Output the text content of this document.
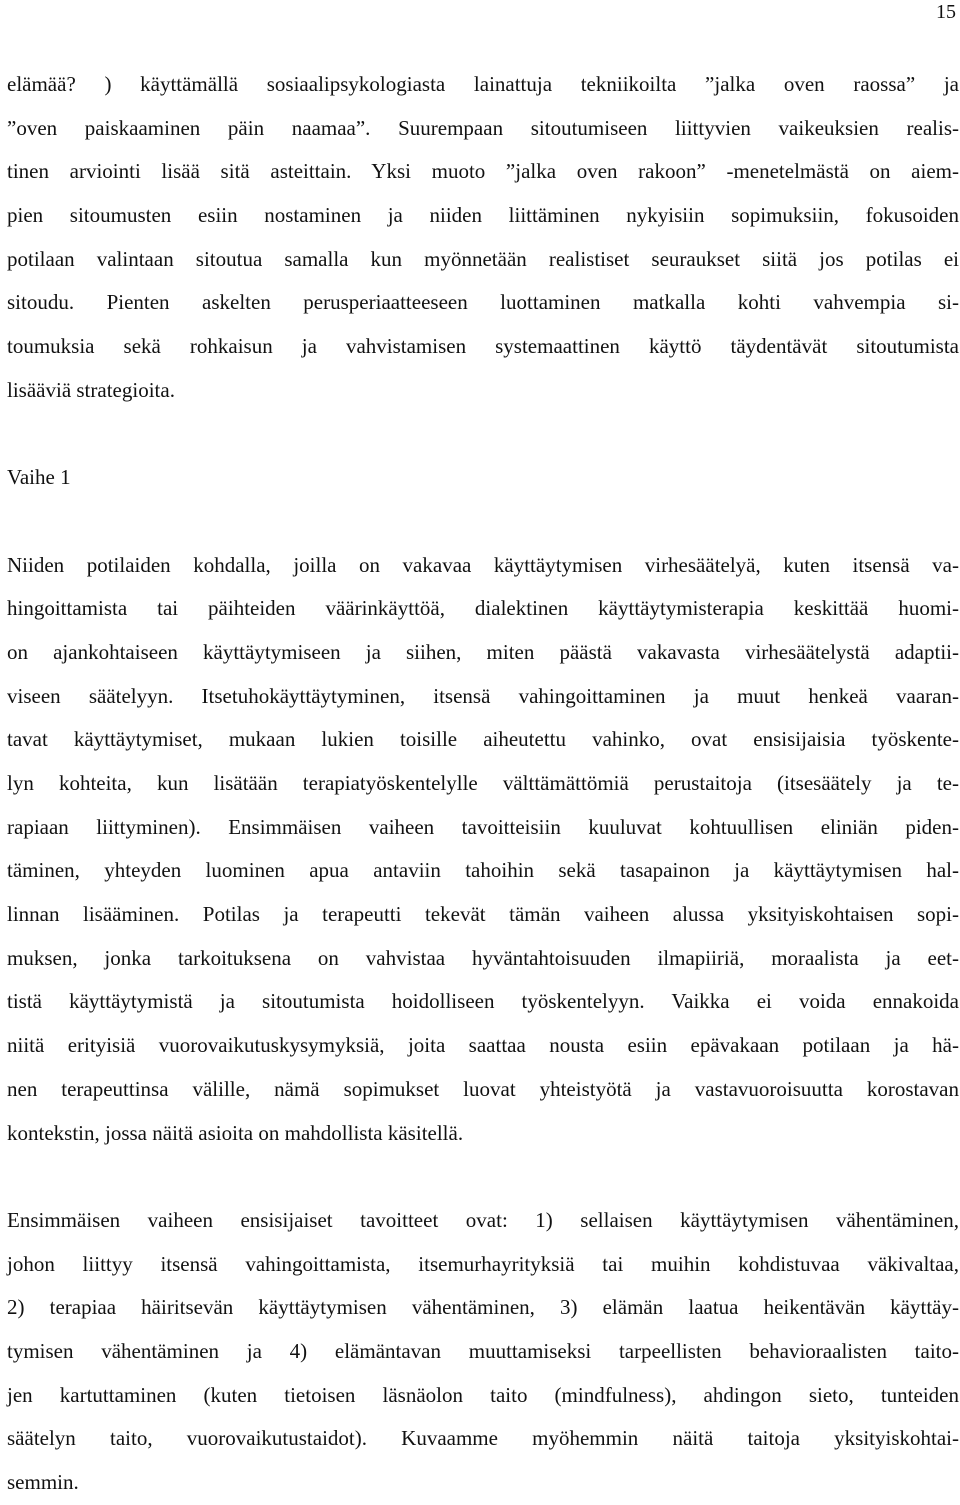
15
elämää? ) käyttämällä sosiaalipsykologiasta lainattuja tekniikoilta ”jalka oven raossa” ja
”oven paiskaaminen päin naamaa”. Suurempaan sitoutumiseen liittyvien vaikeuksien realis-
tinen arviointi lisää sitä asteittain. Yksi muoto ”jalka oven rakoon” -menetelmästä on aiem-
pien sitoumusten esiin nostaminen ja niiden liittäminen nykyisiin sopimuksiin, fokusoiden
potilaan valintaan sitoutua samalla kun myönnetään realistiset seuraukset siitä jos potilas ei
sitoudu. Pienten askelten perusperiaatteeseen luottaminen matkalla kohti vahvempia si-
toumuksia sekä rohkaisun ja vahvistamisen systemaattinen käyttö täydentävät sitoutumista
lisääviä strategioita.
Vaihe 1
Niiden potilaiden kohdalla, joilla on vakavaa käyttäytymisen virhesäätelyä, kuten itsensä va-
hingoittamista tai päihteiden väärinkäyttöä, dialektinen käyttäytymisterapia keskittää huomi-
on ajankohtaiseen käyttäytymiseen ja siihen, miten päästä vakavasta virhesäätelystä adaptii-
viseen säätelyyn. Itsetuhokäyttäytyminen, itsensä vahingoittaminen ja muut henkeä vaaran-
tavat käyttäytymiset, mukaan lukien toisille aiheutettu vahinko, ovat ensisijaisia työskente-
lyn kohteita, kun lisätään terapiatyöskentelylle välttämättömiä perustaitoja (itsesäätely ja te-
rapiaan liittyminen). Ensimmäisen vaiheen tavoitteisiin kuuluvat kohtuullisen eliniän piden-
täminen, yhteyden luominen apua antaviin tahoihin sekä tasapainon ja käyttäytymisen hal-
linnan lisääminen. Potilas ja terapeutti tekevät tämän vaiheen alussa yksityiskohtaisen sopi-
muksen, jonka tarkoituksena on vahvistaa hyväntahtoisuuden ilmapiiriä, moraalista ja eet-
tistä käyttäytymistä ja sitoutumista hoidolliseen työskentelyyn. Vaikka ei voida ennakoida
niitä erityisiä vuorovaikutuskysymyksiä, joita saattaa nousta esiin epävakaan potilaan ja hä-
nen terapeuttinsa välille, nämä sopimukset luovat yhteistyötä ja vastavuoroisuutta korostavan
kontekstin, jossa näitä asioita on mahdollista käsitellä.
Ensimmäisen vaiheen ensisijaiset tavoitteet ovat: 1) sellaisen käyttäytymisen vähentäminen,
johon liittyy itsensä vahingoittamista, itsemurhayrityksiä tai muihin kohdistuvaa väkivaltaa,
2) terapiaa häiritsevän käyttäytymisen vähentäminen, 3) elämän laatua heikentävän käyttäy-
tymisen vähentäminen ja 4) elämäntavan muuttamiseksi tarpeellisten behavioraalisten taito-
jen kartuttaminen (kuten tietoisen läsnäolon taito (mindfulness), ahdingon sieto, tunteiden
säätelyn taito, vuorovaikutustaidot). Kuvaamme myöhemmin näitä taitoja yksityiskohtai-
semmin.
